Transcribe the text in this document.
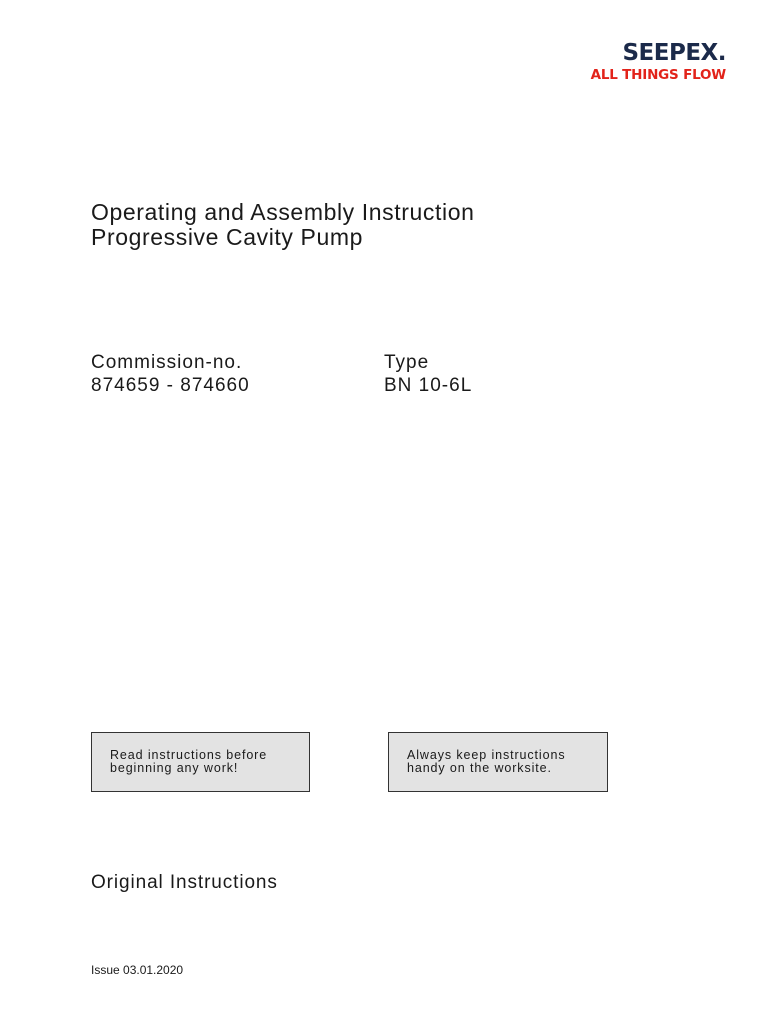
SEEPEX.
ALL THINGS FLOW
Operating and Assembly Instruction
Progressive Cavity Pump
Commission-no.
874659 - 874660
Type
BN 10-6L
Read instructions before
beginning any work!
Always keep instructions
handy on the worksite.
Original Instructions
Issue 03.01.2020
